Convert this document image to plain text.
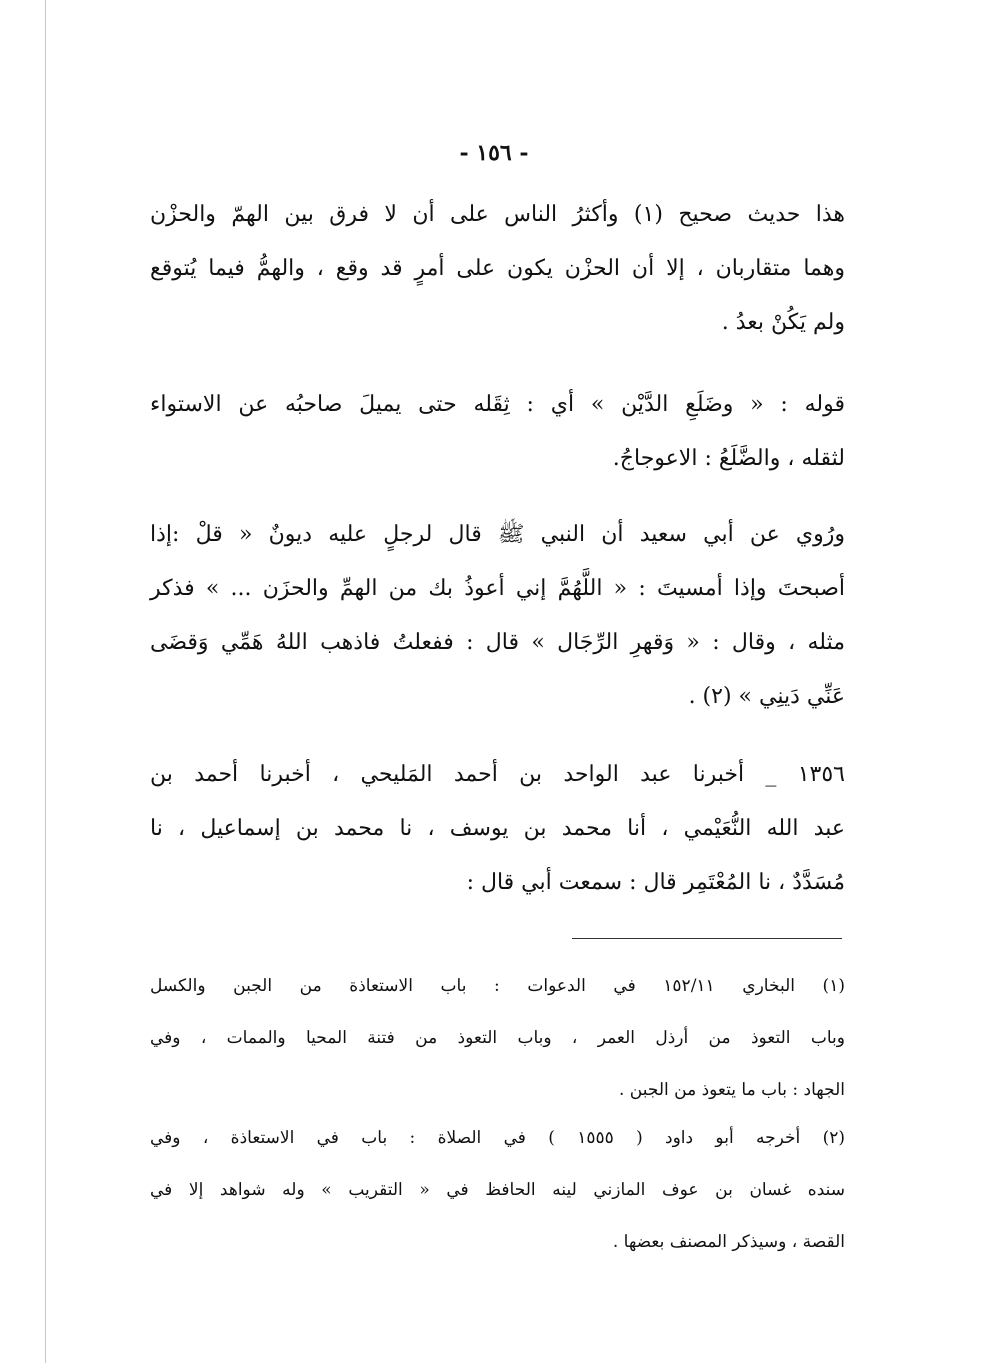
- ١٥٦ -
هذا حديث صحيح (١) وأكثرُ الناس على أن لا فرق بين الهمّ والحزْن
وهما متقاربان ، إلا أن الحزْن يكون على أمرٍ قد وقع ، والهمُّ فيما يُتوقع
ولم يَكُنْ بعدُ .
قوله : « وضَلَعِ الدَّيْن » أي : ثِقَله حتى يميلَ صاحبُه عن الاستواء
لثقله ، والضَّلَعُ : الاعوجاجُ.
ورُوي عن أبي سعيد أن النبي ﷺ قال لرجلٍ عليه ديونٌ « قلْ :إذا
أصبحتَ وإذا أمسيتَ : « اللَّهُمَّ إني أعوذُ بك من الهمِّ والحزَن ... » فذكر
مثله ، وقال : « وَقهرِ الرِّجَال » قال : ففعلتُ فاذهب اللهُ هَمِّي وَقضَى
عَنِّي دَينِي » (٢) .
١٣٥٦ _ أخبرنا عبد الواحد بن أحمد المَليحي ، أخبرنا أحمد بن
عبد الله النُّعَيْمي ، أنا محمد بن يوسف ، نا محمد بن إسماعيل ، نا
مُسَدَّدٌ ، نا المُعْتَمِر قال : سمعت أبي قال :
(١) البخاري ١٥٢/١١ في الدعوات : باب الاستعاذة من الجبن والكسل
وباب التعوذ من أرذل العمر ، وباب التعوذ من فتنة المحيا والممات ، وفي
الجهاد : باب ما يتعوذ من الجبن .
(٢) أخرجه أبو داود ( ١٥٥٥ ) في الصلاة : باب في الاستعاذة ، وفي
سنده غسان بن عوف المازني لينه الحافظ في « التقريب » وله شواهد إلا في
القصة ، وسيذكر المصنف بعضها .
